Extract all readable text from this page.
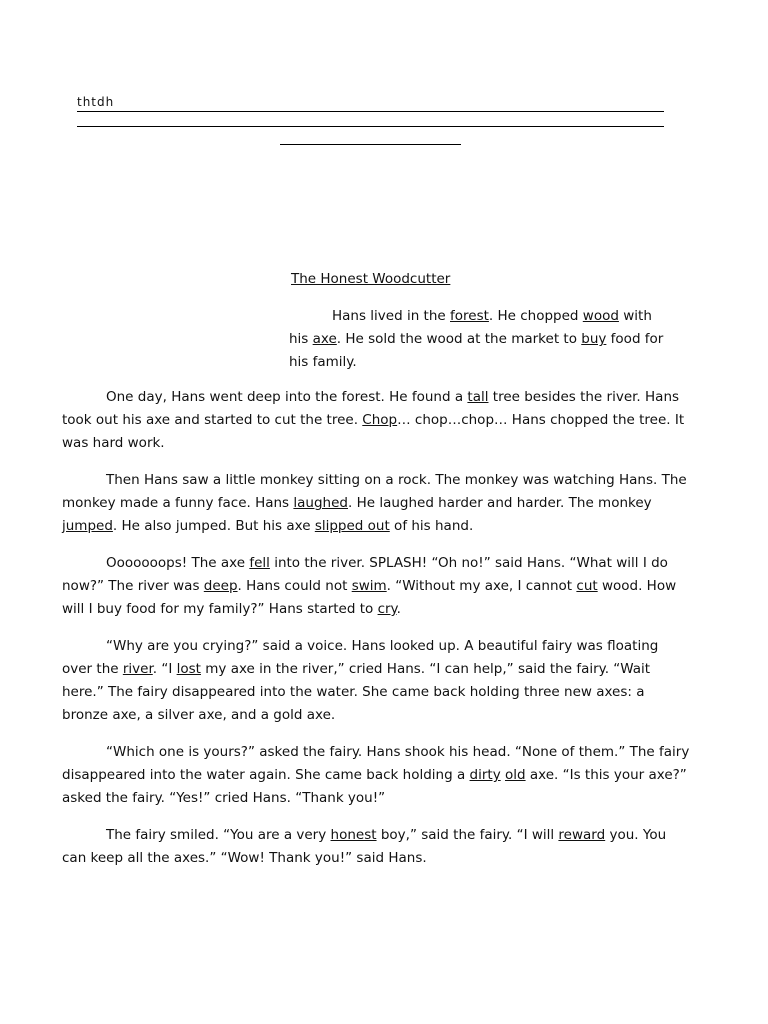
thtdh
The Honest Woodcutter

Hans lived in the forest. He chopped wood with his axe. He sold the wood at the market to buy food for his family.

One day, Hans went deep into the forest. He found a tall tree besides the river. Hans took out his axe and started to cut the tree. Chop… chop…chop… Hans chopped the tree. It was hard work.

Then Hans saw a little monkey sitting on a rock. The monkey was watching Hans. The monkey made a funny face. Hans laughed. He laughed harder and harder. The monkey jumped. He also jumped. But his axe slipped out of his hand.

Ooooooops! The axe fell into the river. SPLASH! “Oh no!” said Hans. “What will I do now?” The river was deep. Hans could not swim. “Without my axe, I cannot cut wood. How will I buy food for my family?” Hans started to cry.

“Why are you crying?” said a voice. Hans looked up. A beautiful fairy was floating over the river. “I lost my axe in the river,” cried Hans. “I can help,” said the fairy. “Wait here.” The fairy disappeared into the water. She came back holding three new axes: a bronze axe, a silver axe, and a gold axe.

“Which one is yours?” asked the fairy. Hans shook his head. “None of them.” The fairy disappeared into the water again. She came back holding a dirty old axe. “Is this your axe?” asked the fairy. “Yes!” cried Hans. “Thank you!”

The fairy smiled. “You are a very honest boy,” said the fairy. “I will reward you. You can keep all the axes.” “Wow! Thank you!” said Hans.
